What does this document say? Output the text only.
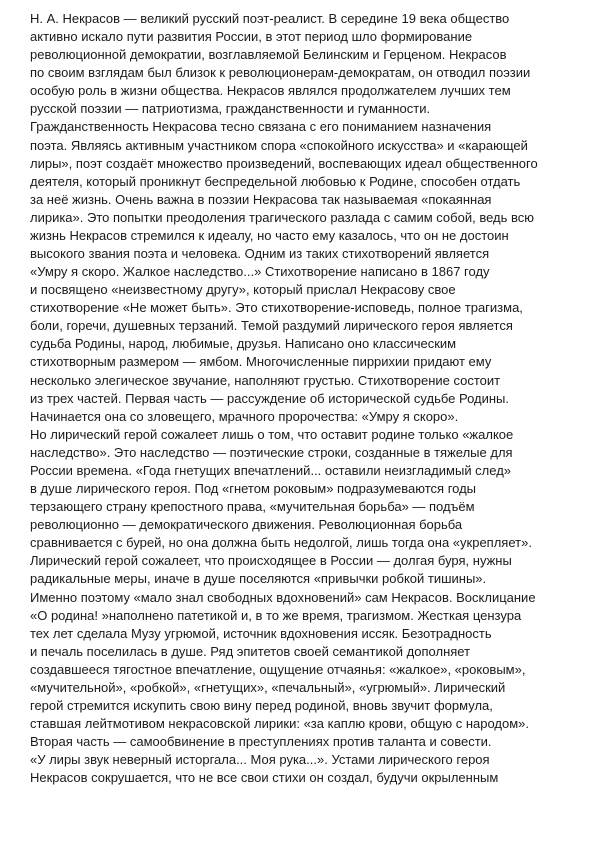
Н. А. Некрасов — великий русский поэт-реалист. В середине 19 века общество
активно искало пути развития России, в этот период шло формирование
революционной демократии, возглавляемой Белинским и Герценом. Некрасов
по своим взглядам был близок к революционерам-демократам, он отводил поэзии
особую роль в жизни общества. Некрасов являлся продолжателем лучших тем
русской поэзии — патриотизма, гражданственности и гуманности.
Гражданственность Некрасова тесно связана с его пониманием назначения
поэта. Являясь активным участником спора «спокойного искусства» и «карающей
лиры», поэт создаёт множество произведений, воспевающих идеал общественного
деятеля, который проникнут беспредельной любовью к Родине, способен отдать
за неё жизнь. Очень важна в поэзии Некрасова так называемая «покаянная
лирика». Это попытки преодоления трагического разлада с самим собой, ведь всю
жизнь Некрасов стремился к идеалу, но часто ему казалось, что он не достоин
высокого звания поэта и человека. Одним из таких стихотворений является
«Умру я скоро. Жалкое наследство...» Стихотворение написано в 1867 году
и посвящено «неизвестному другу», который прислал Некрасову свое
стихотворение «Не может быть». Это стихотворение-исповедь, полное трагизма,
боли, горечи, душевных терзаний. Темой раздумий лирического героя является
судьба Родины, народ, любимые, друзья. Написано оно классическим
стихотворным размером — ямбом. Многочисленные пиррихии придают ему
несколько элегическое звучание, наполняют грустью. Стихотворение состоит
из трех частей. Первая часть — рассуждение об исторической судьбе Родины.
Начинается она со зловещего, мрачного пророчества: «Умру я скоро».
Но лирический герой сожалеет лишь о том, что оставит родине только «жалкое
наследство». Это наследство — поэтические строки, созданные в тяжелые для
России времена. «Года гнетущих впечатлений... оставили неизгладимый след»
в душе лирического героя. Под «гнетом роковым» подразумеваются годы
терзающего страну крепостного права, «мучительная борьба» — подъём
революционно — демократического движения. Революционная борьба
сравнивается с бурей, но она должна быть недолгой, лишь тогда она «укрепляет».
Лирический герой сожалеет, что происходящее в России — долгая буря, нужны
радикальные меры, иначе в душе поселяются «привычки робкой тишины».
Именно поэтому «мало знал свободных вдохновений» сам Некрасов. Восклицание
«О родина! »наполнено патетикой и, в то же время, трагизмом. Жесткая цензура
тех лет сделала Музу угрюмой, источник вдохновения иссяк. Безотрадность
и печаль поселилась в душе. Ряд эпитетов своей семантикой дополняет
создавшееся тягостное впечатление, ощущение отчаянья: «жалкое», «роковым»,
«мучительной», «робкой», «гнетущих», «печальный», «угрюмый». Лирический
герой стремится искупить свою вину перед родиной, вновь звучит формула,
ставшая лейтмотивом некрасовской лирики: «за каплю крови, общую с народом».
Вторая часть — самообвинение в преступлениях против таланта и совести.
«У лиры звук неверный исторгала... Моя рука...». Устами лирического героя
Некрасов сокрушается, что не все свои стихи он создал, будучи окрыленным
